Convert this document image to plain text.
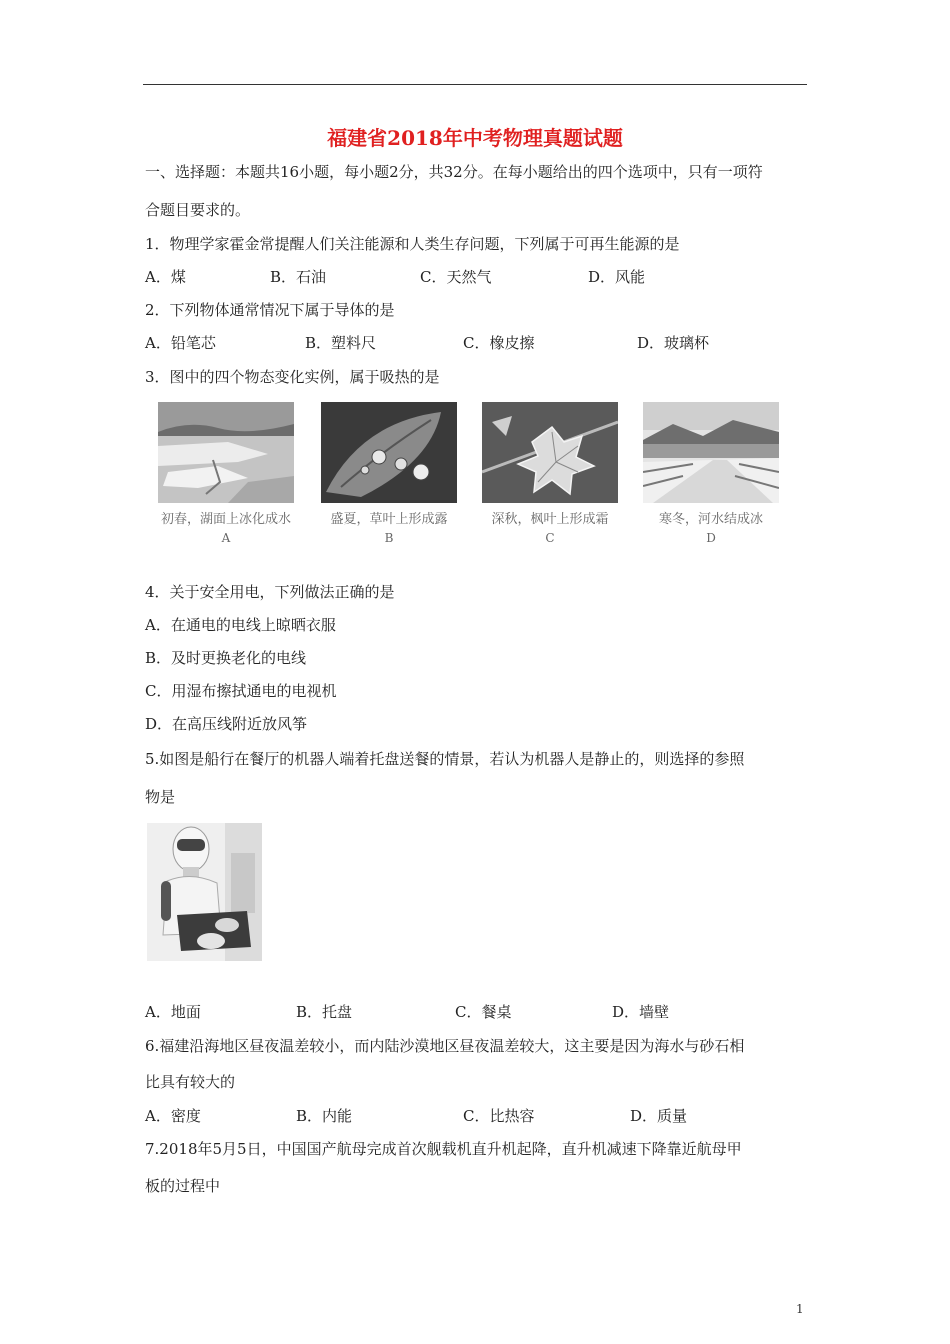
福建省2018年中考物理真题试题
一、选择题：本题共16小题，每小题2分，共32分。在每小题给出的四个选项中，只有一项符
合题目要求的。
1．物理学家霍金常提醒人们关注能源和人类生存问题，下列属于可再生能源的是
A．煤	B．石油	C．天然气	D．风能
2．下列物体通常情况下属于导体的是
A．铅笔芯	B．塑料尺	C．橡皮擦	D．玻璃杯
3．图中的四个物态变化实例，属于吸热的是
初春，湖面上冰化成水	盛夏，草叶上形成露	深秋，枫叶上形成霜	寒冬，河水结成冰
A	B	C	D
4．关于安全用电，下列做法正确的是
A．在通电的电线上晾晒衣服
B．及时更换老化的电线
C．用湿布擦拭通电的电视机
D．在高压线附近放风筝
5.如图是船行在餐厅的机器人端着托盘送餐的情景，若认为机器人是静止的，则选择的参照
物是
A．地面	B．托盘	C．餐桌	D．墙壁
6.福建沿海地区昼夜温差较小，而内陆沙漠地区昼夜温差较大，这主要是因为海水与砂石相
比具有较大的
A．密度	B．内能	C．比热容	D．质量
7.2018年5月5日，中国国产航母完成首次舰载机直升机起降，直升机减速下降靠近航母甲
板的过程中
1
